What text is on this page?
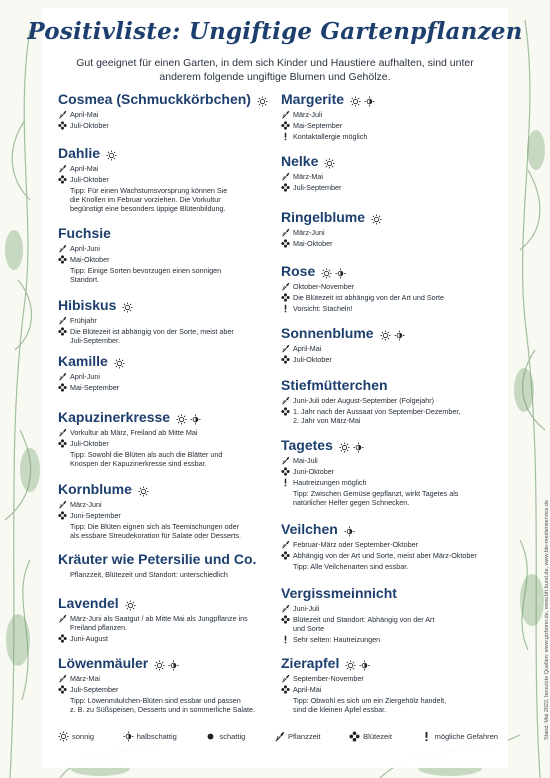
Positivliste: Ungiftige Gartenpflanzen
Gut geeignet für einen Garten, in dem sich Kinder und Haustiere aufhalten, sind unter anderem folgende ungiftige Blumen und Gehölze.
Cosmea (Schmuckkörbchen)
April-Mai
Juli-Oktober
Dahlie
April-Mai
Juli-Oktober
Tipp: Für einen Wachstumsvorsprung können Sie
die Knollen im Februar vorziehen. Die Vorkultur
begünstigt eine besonders üppige Blütenbildung.
Fuchsie
April-Juni
Mai-Oktober
Tipp: Einige Sorten bevorzugen einen sonnigen
Standort.
Hibiskus
Frühjahr
Die Blütezeit ist abhängig von der Sorte, meist aber
Juli-September.
Kamille
April-Juni
Mai-September
Kapuzinerkresse
Vorkultur ab März, Freiland ab Mitte Mai
Juli-Oktober
Tipp: Sowohl die Blüten als auch die Blätter und
Knospen der Kapuzinerkresse sind essbar.
Kornblume
März-Juni
Juni-September
Tipp: Die Blüten eignen sich als Teemischungen oder
als essbare Streudekoration für Salate oder Desserts.
Kräuter wie Petersilie und Co.
Pflanzzeit, Blütezeit und Standort: unterschiedlich
Lavendel
März-Juni als Saatgut / ab Mitte Mai als Jungpflanze ins
Freiland pflanzen.
Juni-August
Löwenmäuler
März-Mai
Juli-September
Tipp: Löwenmäulchen-Blüten sind essbar und passen
z. B. zu Süßspeisen, Desserts und in sommerliche Salate.
Margerite
März-Juli
Mai-September
Kontaktallergie möglich
Nelke
März-Mai
Juli-September
Ringelblume
März-Juni
Mai-Oktober
Rose
Oktober-November
Die Blütezeit ist abhängig von der Art und Sorte
Vorsicht: Stacheln!
Sonnenblume
April-Mai
Juli-Oktober
Stiefmütterchen
Juni-Juli oder August-September (Folgejahr)
1. Jahr nach der Aussaat von September-Dezember,
2. Jahr von März-Mai
Tagetes
Mai-Juli
Juni-Oktober
Hautreizungen möglich
Tipp: Zwischen Gemüse gepflanzt, wirkt Tagetes als
natürlicher Helfer gegen Schnecken.
Veilchen
Februar-März oder September-Oktober
Abhängig von der Art und Sorte, meist aber März-Oktober
Tipp: Alle Veilchenarten sind essbar.
Vergissmeinnicht
Juni-Juli
Blütezeit und Standort: Abhängig von der Art
und Sorte
Sehr selten: Hautreizungen
Zierapfel
September-November
April-Mai
Tipp: Obwohl es sich um ein Ziergehölz handelt,
sind die kleinen Äpfel essbar.
sonnig	halbschattig	schattig	Pflanzzeit	Blütezeit	mögliche Gefahren	Stand: Mai 2022, benutzte Quellen: www.gizbonn.de, www.bfr.bund.de, www.ble-medienservice.de
